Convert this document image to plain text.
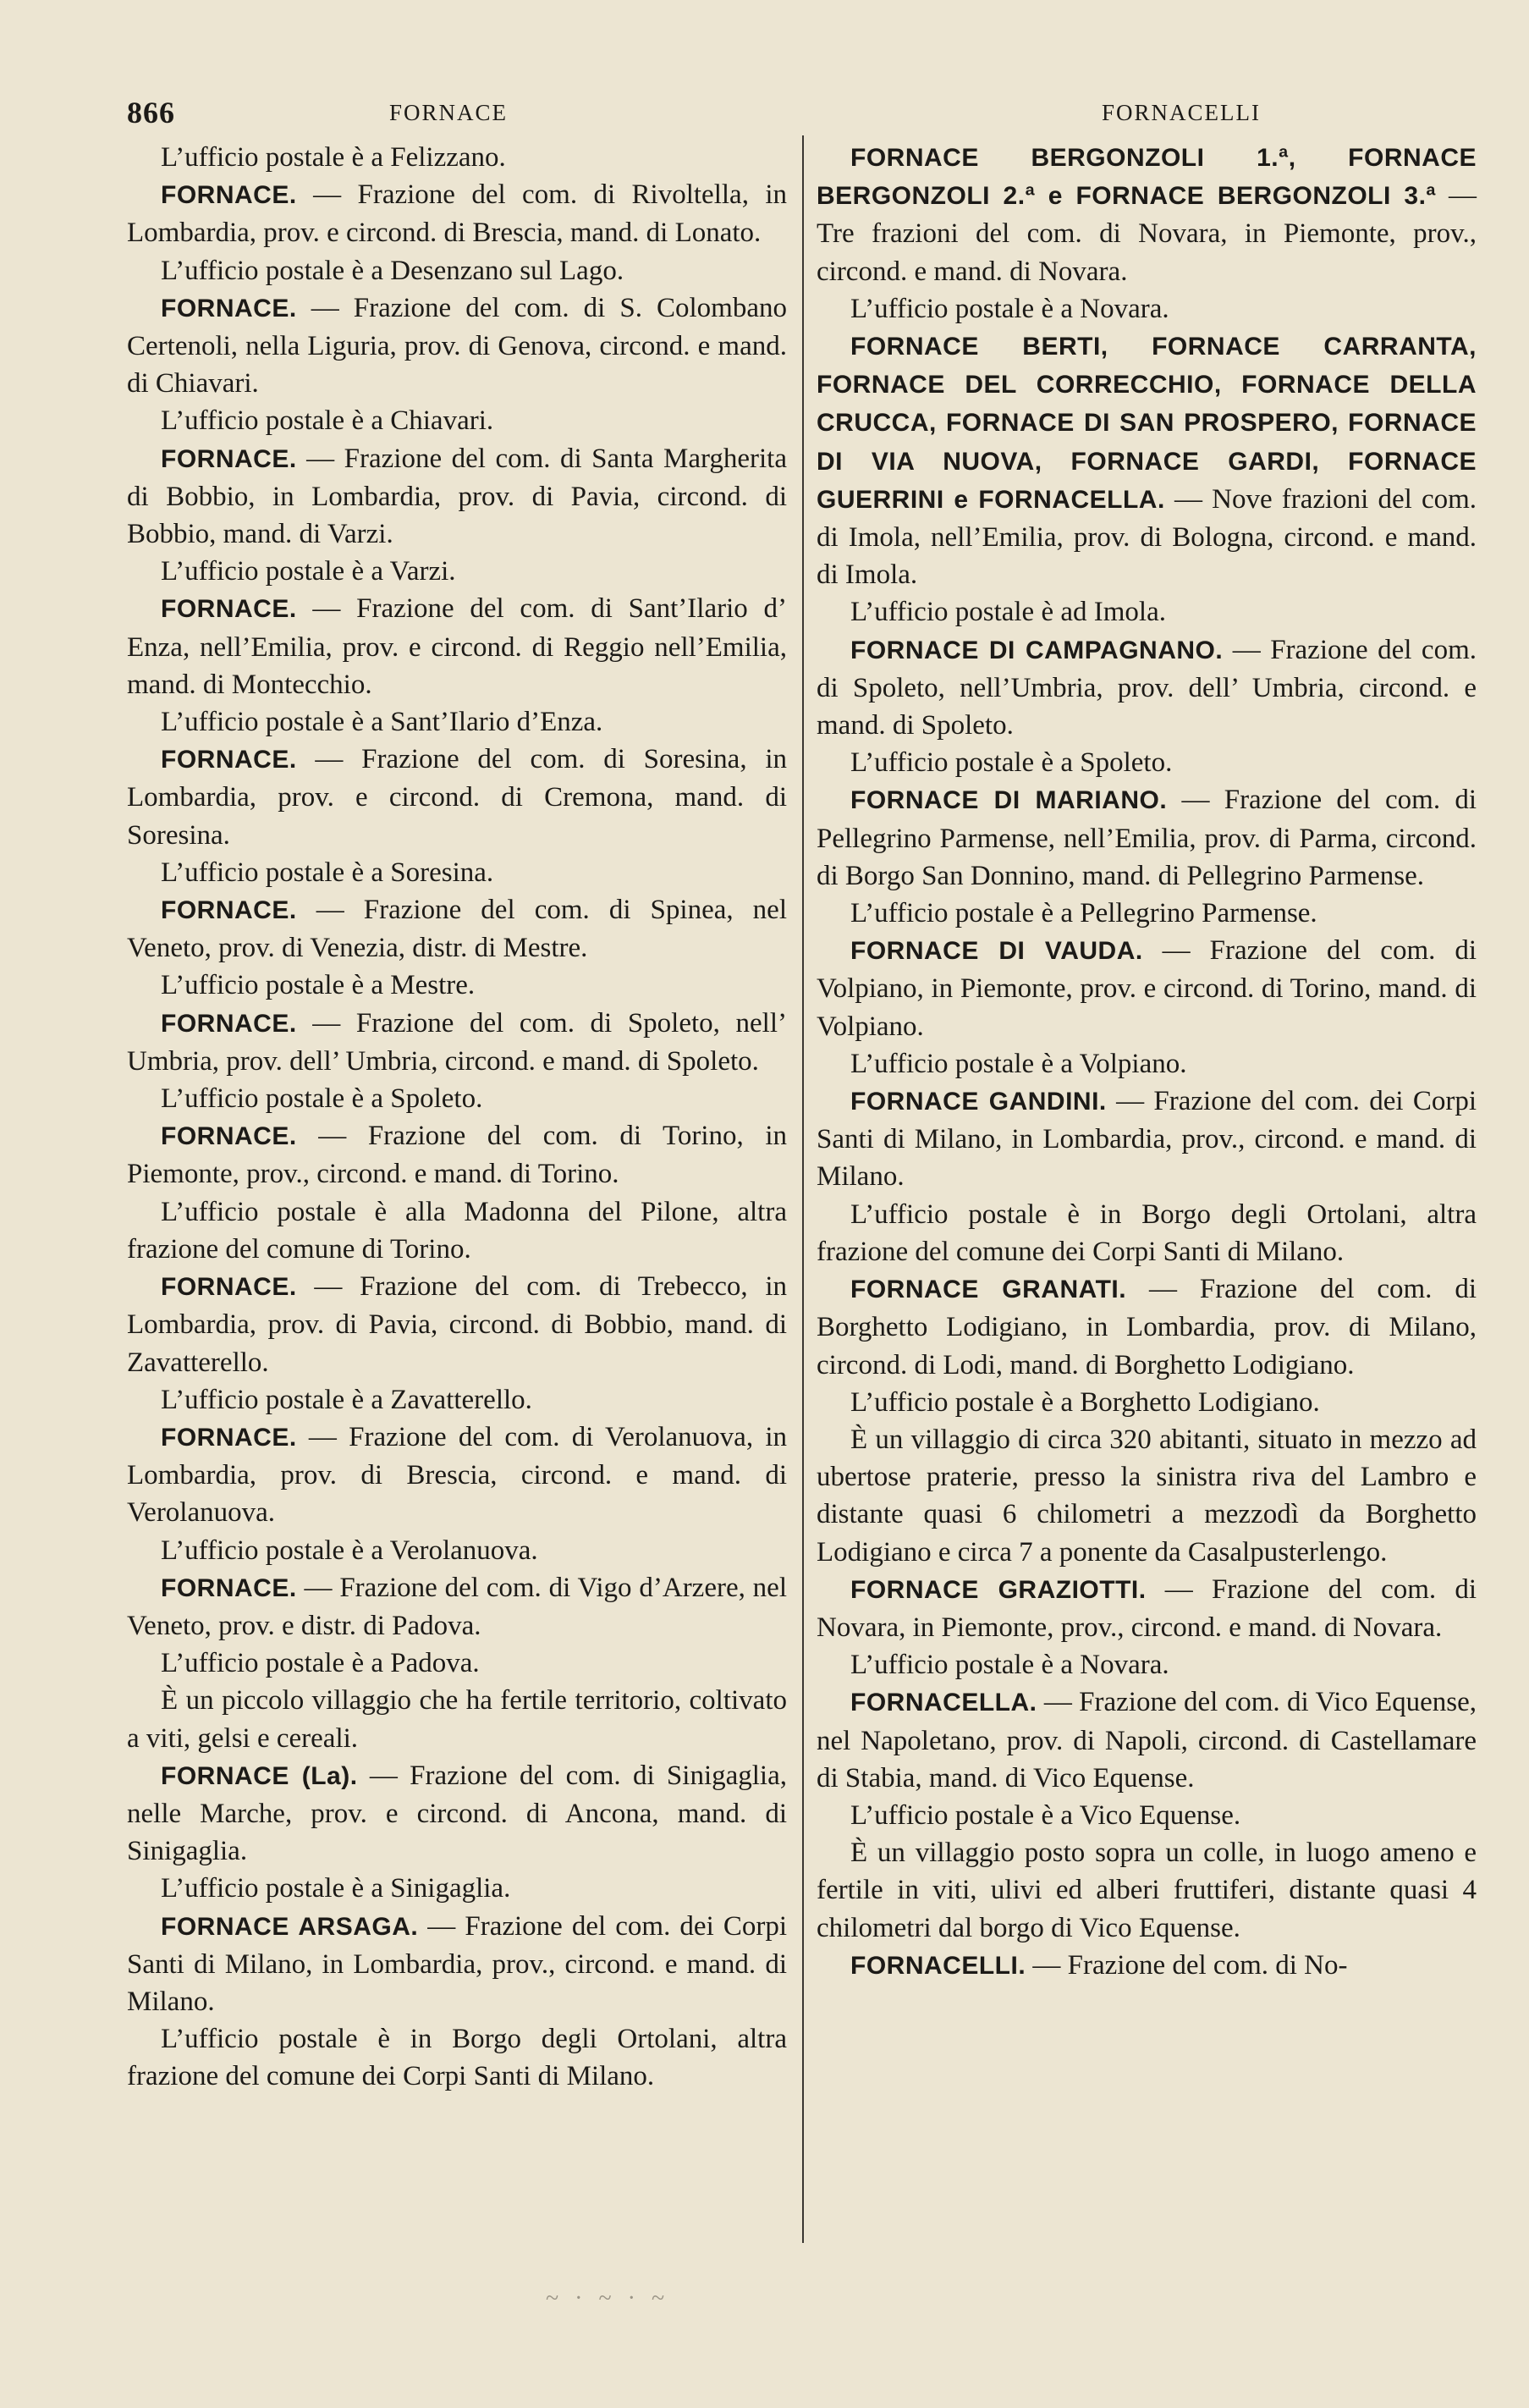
866	FORNACE	FORNACELLI

L’ufficio postale è a Felizzano.

FORNACE. — Frazione del com. di Rivoltella, in Lombardia, prov. e circond. di Brescia, mand. di Lonato.

L’ufficio postale è a Desenzano sul Lago.

FORNACE. — Frazione del com. di S. Colombano Certenoli, nella Liguria, prov. di Genova, circond. e mand. di Chiavari.

L’ufficio postale è a Chiavari.

FORNACE. — Frazione del com. di Santa Margherita di Bobbio, in Lombardia, prov. di Pavia, circond. di Bobbio, mand. di Varzi.

L’ufficio postale è a Varzi.

FORNACE. — Frazione del com. di Sant’Ilario d’ Enza, nell’Emilia, prov. e circond. di Reggio nell’Emilia, mand. di Montecchio.

L’ufficio postale è a Sant’Ilario d’Enza.

FORNACE. — Frazione del com. di Soresina, in Lombardia, prov. e circond. di Cremona, mand. di Soresina.

L’ufficio postale è a Soresina.

FORNACE. — Frazione del com. di Spinea, nel Veneto, prov. di Venezia, distr. di Mestre.

L’ufficio postale è a Mestre.

FORNACE. — Frazione del com. di Spoleto, nell’ Umbria, prov. dell’ Umbria, circond. e mand. di Spoleto.

L’ufficio postale è a Spoleto.

FORNACE. — Frazione del com. di Torino, in Piemonte, prov., circond. e mand. di Torino.

L’ufficio postale è alla Madonna del Pilone, altra frazione del comune di Torino.

FORNACE. — Frazione del com. di Trebecco, in Lombardia, prov. di Pavia, circond. di Bobbio, mand. di Zavatterello.

L’ufficio postale è a Zavatterello.

FORNACE. — Frazione del com. di Verolanuova, in Lombardia, prov. di Brescia, circond. e mand. di Verolanuova.

L’ufficio postale è a Verolanuova.

FORNACE. — Frazione del com. di Vigo d’Arzere, nel Veneto, prov. e distr. di Padova.

L’ufficio postale è a Padova.

È un piccolo villaggio che ha fertile territorio, coltivato a viti, gelsi e cereali.

FORNACE (La). — Frazione del com. di Sinigaglia, nelle Marche, prov. e circond. di Ancona, mand. di Sinigaglia.

L’ufficio postale è a Sinigaglia.

FORNACE ARSAGA. — Frazione del com. dei Corpi Santi di Milano, in Lombardia, prov., circond. e mand. di Milano.

L’ufficio postale è in Borgo degli Ortolani, altra frazione del comune dei Corpi Santi di Milano.

FORNACE BERGONZOLI 1.ª, FORNACE BERGONZOLI 2.ª e FORNACE BERGONZOLI 3.ª — Tre frazioni del com. di Novara, in Piemonte, prov., circond. e mand. di Novara.

L’ufficio postale è a Novara.

FORNACE BERTI, FORNACE CARRANTA, FORNACE DEL CORRECCHIO, FORNACE DELLA CRUCCA, FORNACE DI SAN PROSPERO, FORNACE DI VIA NUOVA, FORNACE GARDI, FORNACE GUERRINI e FORNACELLA. — Nove frazioni del com. di Imola, nell’Emilia, prov. di Bologna, circond. e mand. di Imola.

L’ufficio postale è ad Imola.

FORNACE DI CAMPAGNANO. — Frazione del com. di Spoleto, nell’Umbria, prov. dell’ Umbria, circond. e mand. di Spoleto.

L’ufficio postale è a Spoleto.

FORNACE DI MARIANO. — Frazione del com. di Pellegrino Parmense, nell’Emilia, prov. di Parma, circond. di Borgo San Donnino, mand. di Pellegrino Parmense.

L’ufficio postale è a Pellegrino Parmense.

FORNACE DI VAUDA. — Frazione del com. di Volpiano, in Piemonte, prov. e circond. di Torino, mand. di Volpiano.

L’ufficio postale è a Volpiano.

FORNACE GANDINI. — Frazione del com. dei Corpi Santi di Milano, in Lombardia, prov., circond. e mand. di Milano.

L’ufficio postale è in Borgo degli Ortolani, altra frazione del comune dei Corpi Santi di Milano.

FORNACE GRANATI. — Frazione del com. di Borghetto Lodigiano, in Lombardia, prov. di Milano, circond. di Lodi, mand. di Borghetto Lodigiano.

L’ufficio postale è a Borghetto Lodigiano.

È un villaggio di circa 320 abitanti, situato in mezzo ad ubertose praterie, presso la sinistra riva del Lambro e distante quasi 6 chilometri a mezzodì da Borghetto Lodigiano e circa 7 a ponente da Casalpusterlengo.

FORNACE GRAZIOTTI. — Frazione del com. di Novara, in Piemonte, prov., circond. e mand. di Novara.

L’ufficio postale è a Novara.

FORNACELLA. — Frazione del com. di Vico Equense, nel Napoletano, prov. di Napoli, circond. di Castellamare di Stabia, mand. di Vico Equense.

L’ufficio postale è a Vico Equense.

È un villaggio posto sopra un colle, in luogo ameno e fertile in viti, ulivi ed alberi fruttiferi, distante quasi 4 chilometri dal borgo di Vico Equense.

FORNACELLI. — Frazione del com. di No-

~ · ~ · ~
